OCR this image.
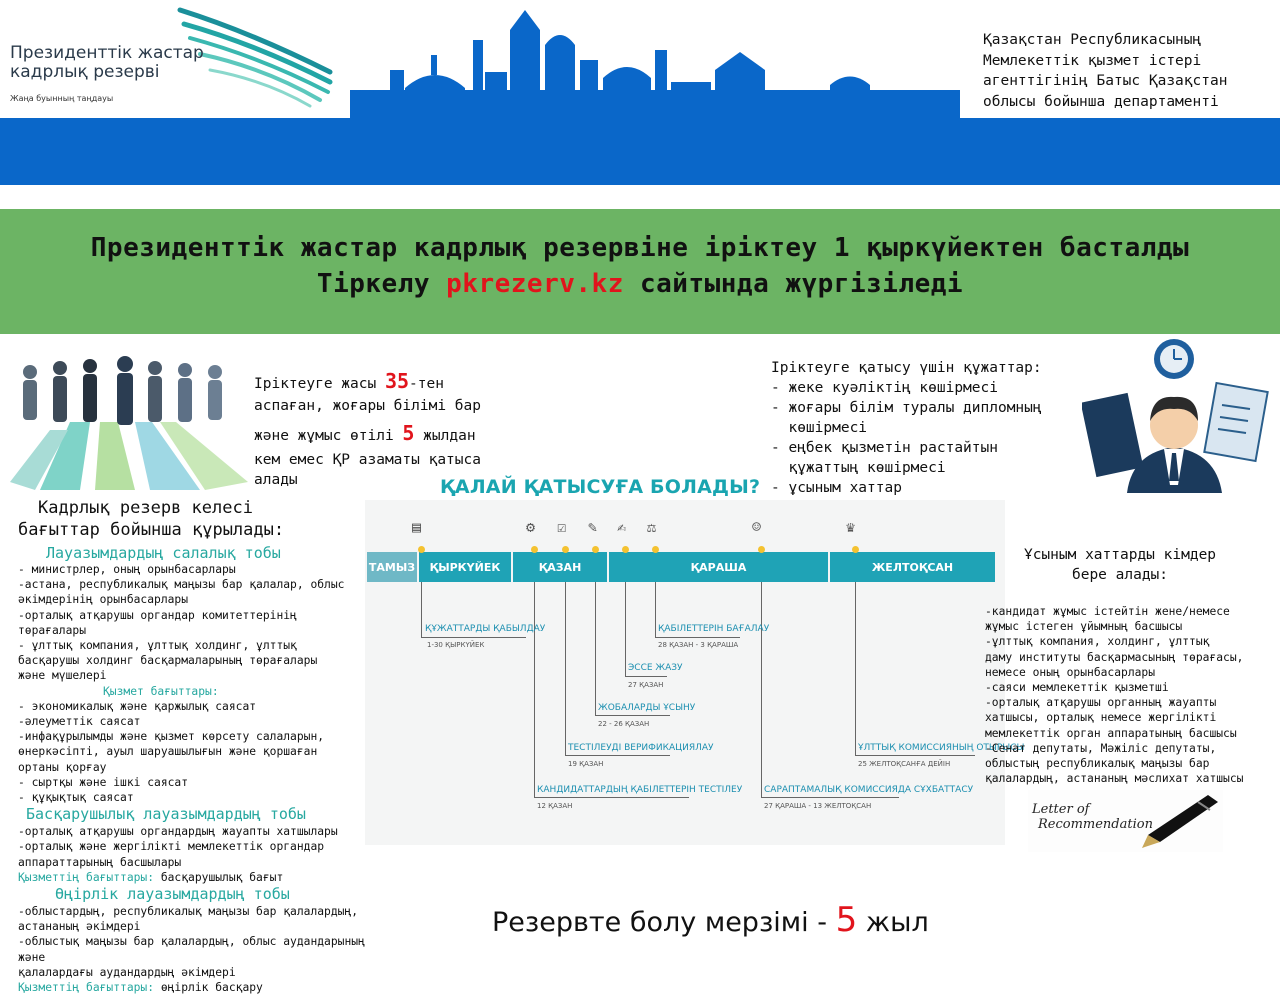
Президенттік жастар
кадрлық резерві
Жаңа буынның таңдауы
Қазақстан Республикасының
Мемлекеттік қызмет істері
агенттігінің Батыс Қазақстан
облысы бойынша департаменті
Президенттік жастар кадрлық резервіне іріктеу 1 қыркүйектен басталды
Тіркелу pkrezerv.kz сайтында жүргізіледі
Іріктеуге жасы 35-тен
аспаған, жоғары білімі бар
және жұмыс өтілі 5 жылдан
кем емес ҚР азаматы қатыса
алады
Іріктеуге қатысу үшін құжаттар:
- жеке куәліктің көшірмесі
- жоғары білім туралы дипломның
көшірмесі
- еңбек қызметін растайтын
құжаттың көшірмесі
- ұсыным хаттар
Кадрлық резерв келесі
бағыттар бойынша құрылады:
Лауазымдардың салалық тобы
- министрлер, оның орынбасарлары
-астана, республикалық маңызы бар қалалар, облыс
әкімдерінің орынбасарлары
-орталық атқарушы органдар комитеттерінің
төрағалары
- ұлттық компания, ұлттық холдинг, ұлттық
басқарушы холдинг басқармаларының төрағалары
және мүшелері
Қызмет бағыттары:
- экономикалық және қаржылық саясат
-әлеуметтік саясат
-инфақұрылымды және қызмет көрсету салаларын,
өнеркәсіпті, ауыл шаруашылығын және қоршаған
ортаны қорғау
- сыртқы және ішкі саясат
- құқықтық саясат
Басқарушылық лауазымдардың тобы
-орталық атқарушы органдардың жауапты хатшылары
-орталық және жергілікті мемлекеттік органдар
аппараттарының басшылары
Қызметтің бағыттары: басқарушылық бағыт
Өңірлік лауазымдардың тобы
-облыстардың, республикалық маңызы бар қалалардың,
астананың әкімдері
-облыстық маңызы бар қалалардың, облыс аудандарының және
қалалардағы аудандардың әкімдері
Қызметтің бағыттары: өңірлік басқару
ҚАЛАЙ ҚАТЫСУҒА БОЛАДЫ?
▤	⚙ ☑ ✎ ✍ ⚖	☺	♛
ТАМЫЗ	ҚЫРКҮЙЕК	ҚАЗАН	ҚАРАША	ЖЕЛТОҚСАН
ҚҰЖАТТАРДЫ ҚАБЫЛДАУ
1-30 ҚЫРКҮЙЕК
ҚАБІЛЕТТЕРІН БАҒАЛАУ
28 ҚАЗАН - 3 ҚАРАША
ЭССЕ ЖАЗУ
27 ҚАЗАН
ЖОБАЛАРДЫ ҰСЫНУ
22 - 26 ҚАЗАН
ТЕСТІЛЕУДІ ВЕРИФИКАЦИЯЛАУ
19 ҚАЗАН
КАНДИДАТТАРДЫҢ ҚАБІЛЕТТЕРІН ТЕСТІЛЕУ
12 ҚАЗАН
ҰЛТТЫҚ КОМИССИЯНЫҢ ОТЫРЫСЫ
25 ЖЕЛТОҚСАНҒА ДЕЙІН
САРАПТАМАЛЫҚ КОМИССИЯДА СҰХБАТТАСУ
27 ҚАРАША - 13 ЖЕЛТОҚСАН
Ұсыным хаттарды кімдер
бере алады:
-кандидат жұмыс істейтін жене/немесе
жұмыс істеген ұйымның басшысы
-ұлттық компания, холдинг, ұлттық
даму институты басқармасының төрағасы,
немесе оның орынбасарлары
-саяси мемлекеттік қызметші
-орталық атқарушы органның жауапты
хатшысы, орталық немесе жергілікті
мемлекеттік орган аппаратының басшысы
-Сенат депутаты, Мәжіліс депутаты,
облыстың республикалық маңызы бар
қалалардың, астананың мәслихат хатшысы
Letter of
Recommendation
Резервте болу мерзімі - 5 жыл
